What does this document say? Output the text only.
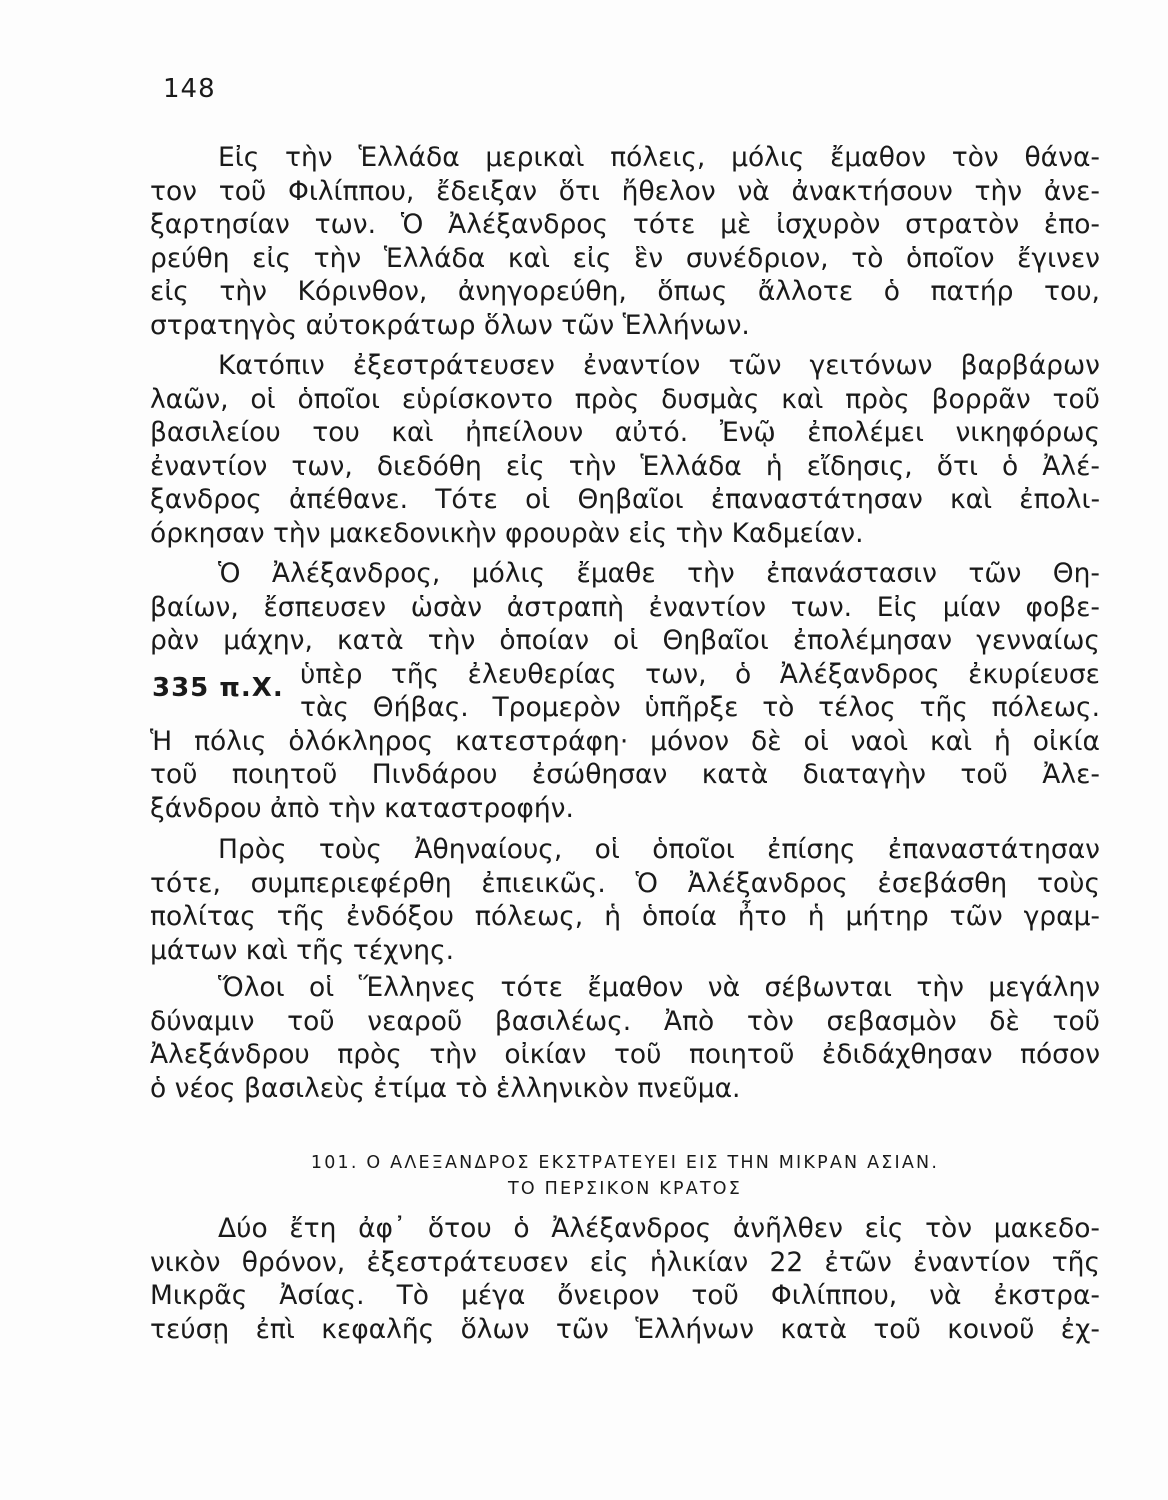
148
Εἰς τὴν Ἑλλάδα μερικαὶ πόλεις, μόλις ἔμαθον τὸν θάνα-
τον τοῦ Φιλίππου, ἔδειξαν ὅτι ἤθελον νὰ ἀνακτήσουν τὴν ἀνε-
ξαρτησίαν των. Ὁ Ἀλέξανδρος τότε μὲ ἰσχυρὸν στρατὸν ἐπο-
ρεύθη εἰς τὴν Ἑλλάδα καὶ εἰς ἓν συνέδριον, τὸ ὁποῖον ἔγινεν
εἰς τὴν Κόρινθον, ἀνηγορεύθη, ὅπως ἄλλοτε ὁ πατήρ του,
στρατηγὸς αὐτοκράτωρ ὅλων τῶν Ἑλλήνων.
Κατόπιν ἐξεστράτευσεν ἐναντίον τῶν γειτόνων βαρβάρων
λαῶν, οἱ ὁποῖοι εὑρίσκοντο πρὸς δυσμὰς καὶ πρὸς βορρᾶν τοῦ
βασιλείου του καὶ ἠπείλουν αὐτό. Ἐνῷ ἐπολέμει νικηφόρως
ἐναντίον των, διεδόθη εἰς τὴν Ἑλλάδα ἡ εἴδησις, ὅτι ὁ Ἀλέ-
ξανδρος ἀπέθανε. Τότε οἱ Θηβαῖοι ἐπαναστάτησαν καὶ ἐπολι-
όρκησαν τὴν μακεδονικὴν φρουρὰν εἰς τὴν Καδμείαν.
Ὁ Ἀλέξανδρος, μόλις ἔμαθε τὴν ἐπανάστασιν τῶν Θη-
βαίων, ἔσπευσεν ὡσὰν ἀστραπὴ ἐναντίον των. Εἰς μίαν φοβε-
ρὰν μάχην, κατὰ τὴν ὁποίαν οἱ Θηβαῖοι ἐπολέμησαν γενναίως
ὑπὲρ τῆς ἐλευθερίας των, ὁ Ἀλέξανδρος ἐκυρίευσε
τὰς Θήβας. Τρομερὸν ὑπῆρξε τὸ τέλος τῆς πόλεως.
Ἡ πόλις ὁλόκληρος κατεστράφη· μόνον δὲ οἱ ναοὶ καὶ ἡ οἰκία
τοῦ ποιητοῦ Πινδάρου ἐσώθησαν κατὰ διαταγὴν τοῦ Ἀλε-
ξάνδρου ἀπὸ τὴν καταστροφήν.
335 π.Χ.
Πρὸς τοὺς Ἀθηναίους, οἱ ὁποῖοι ἐπίσης ἐπαναστάτησαν
τότε, συμπεριεφέρθη ἐπιεικῶς. Ὁ Ἀλέξανδρος ἐσεβάσθη τοὺς
πολίτας τῆς ἐνδόξου πόλεως, ἡ ὁποία ἦτο ἡ μήτηρ τῶν γραμ-
μάτων καὶ τῆς τέχνης.
Ὅλοι οἱ Ἕλληνες τότε ἔμαθον νὰ σέβωνται τὴν μεγάλην
δύναμιν τοῦ νεαροῦ βασιλέως. Ἀπὸ τὸν σεβασμὸν δὲ τοῦ
Ἀλεξάνδρου πρὸς τὴν οἰκίαν τοῦ ποιητοῦ ἐδιδάχθησαν πόσον
ὁ νέος βασιλεὺς ἐτίμα τὸ ἑλληνικὸν πνεῦμα.
101. Ο ΑΛΕΞΑΝΔΡΟΣ ΕΚΣΤΡΑΤΕΥΕΙ ΕΙΣ ΤΗΝ ΜΙΚΡΑΝ ΑΣΙΑΝ.
ΤΟ ΠΕΡΣΙΚΟΝ ΚΡΑΤΟΣ
Δύο ἔτη ἀφ᾽ ὅτου ὁ Ἀλέξανδρος ἀνῆλθεν εἰς τὸν μακεδο-
νικὸν θρόνον, ἐξεστράτευσεν εἰς ἡλικίαν 22 ἐτῶν ἐναντίον τῆς
Μικρᾶς Ἀσίας. Τὸ μέγα ὄνειρον τοῦ Φιλίππου, νὰ ἐκστρα-
τεύσῃ ἐπὶ κεφαλῆς ὅλων τῶν Ἑλλήνων κατὰ τοῦ κοινοῦ ἐχ-
